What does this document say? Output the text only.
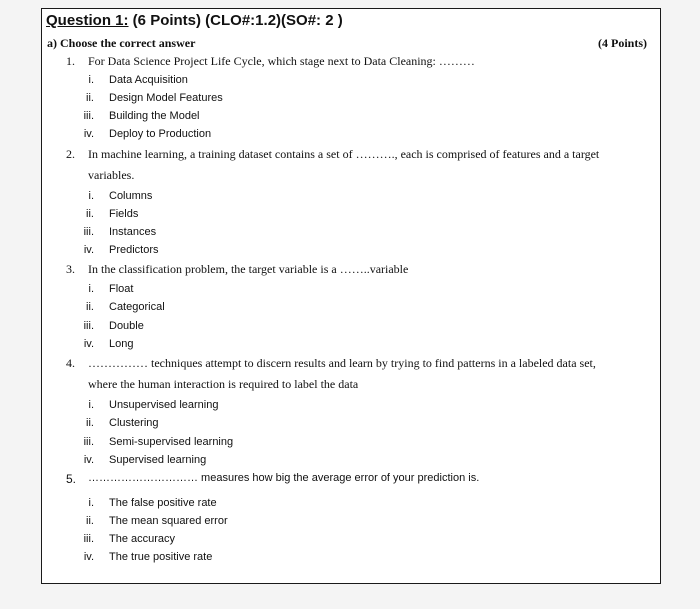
Question 1: (6 Points) (CLO#:1.2)(SO#: 2 )
a) Choose the correct answer	(4 Points)
1. For Data Science Project Life Cycle, which stage next to Data Cleaning: ………
i. Data Acquisition
ii. Design Model Features
iii. Building the Model
iv. Deploy to Production
2. In machine learning, a training dataset contains a set of ………., each is comprised of features and a target
variables.
i. Columns
ii. Fields
iii. Instances
iv. Predictors
3. In the classification problem, the target variable is a ……..variable
i. Float
ii. Categorical
iii. Double
iv. Long
4. …………… techniques attempt to discern results and learn by trying to find patterns in a labeled data set,
where the human interaction is required to label the data
i. Unsupervised learning
ii. Clustering
iii. Semi-supervised learning
iv. Supervised learning
5. ………………………… measures how big the average error of your prediction is.
i. The false positive rate
ii. The mean squared error
iii. The accuracy
iv. The true positive rate
